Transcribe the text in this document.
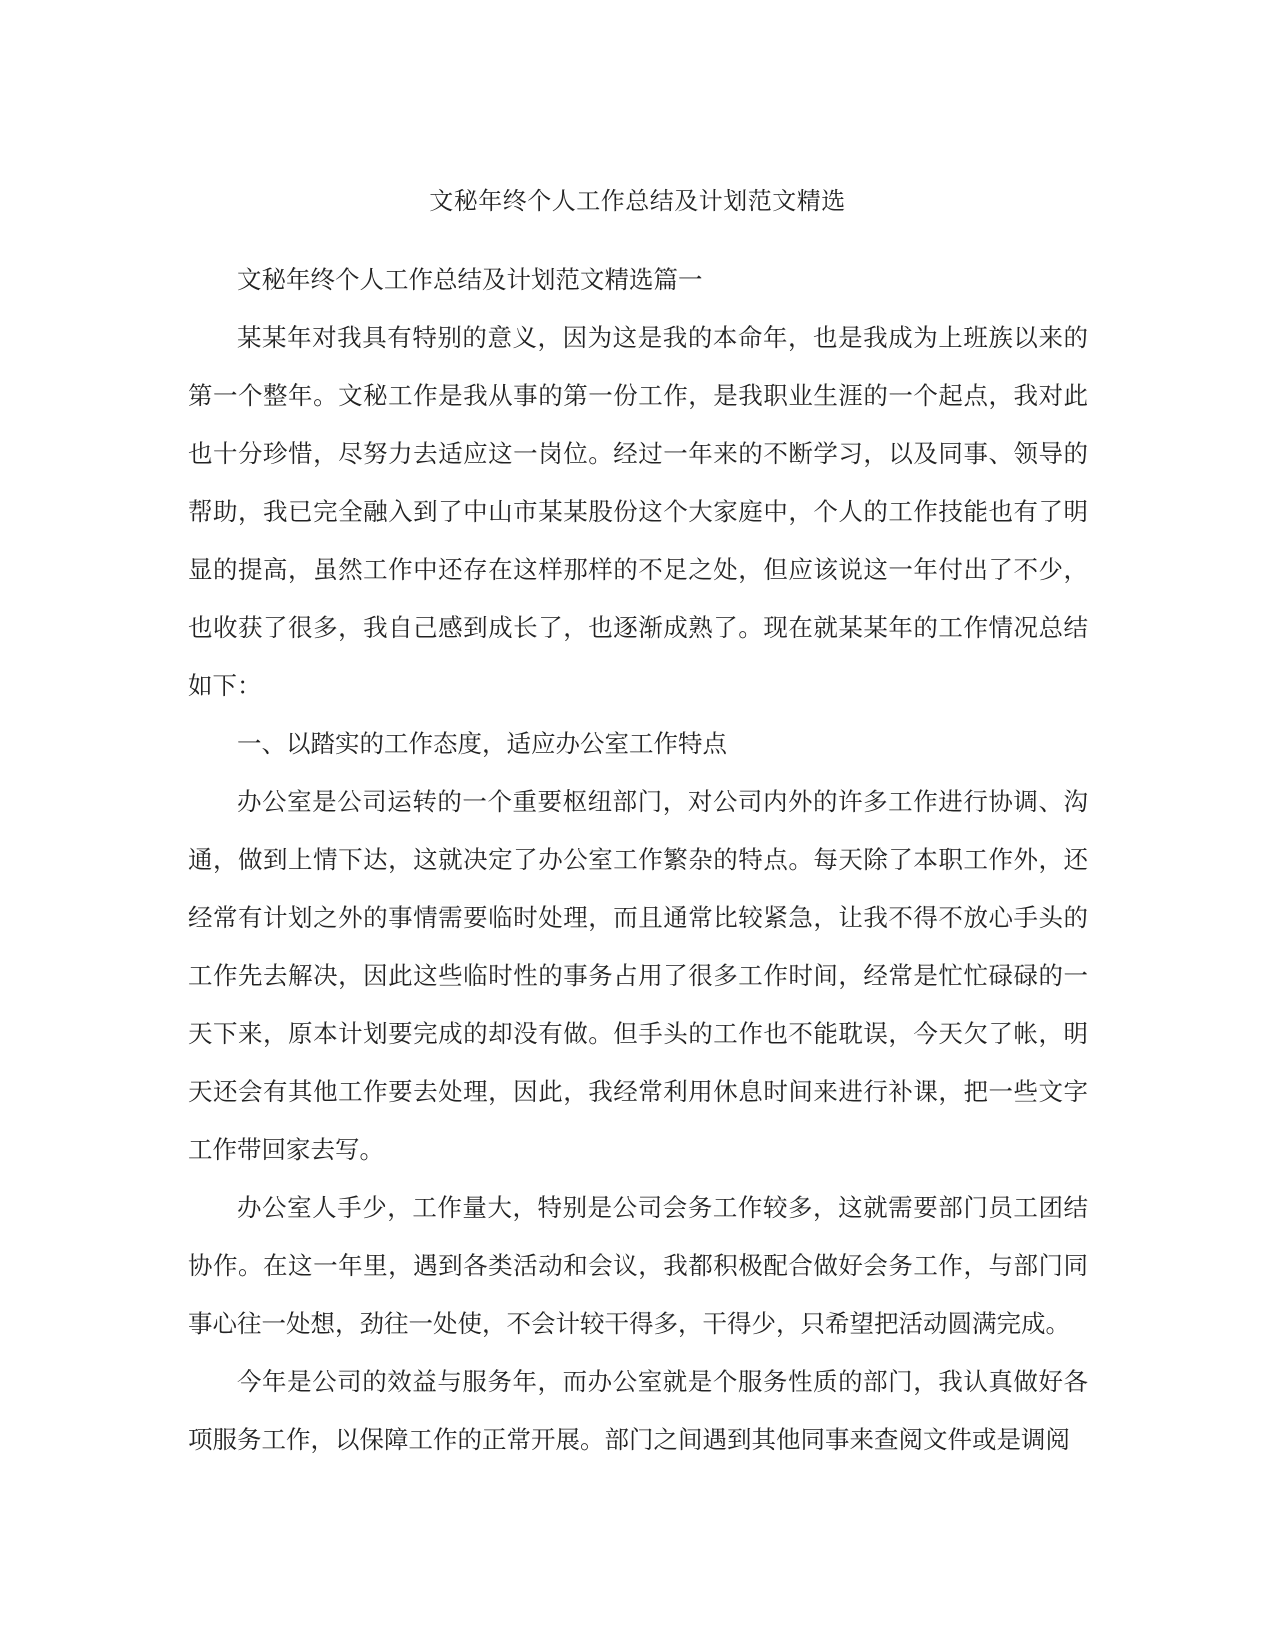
文秘年终个人工作总结及计划范文精选

文秘年终个人工作总结及计划范文精选篇一

某某年对我具有特别的意义，因为这是我的本命年，也是我成为上班族以来的第一个整年。文秘工作是我从事的第一份工作，是我职业生涯的一个起点，我对此也十分珍惜，尽努力去适应这一岗位。经过一年来的不断学习，以及同事、领导的帮助，我已完全融入到了中山市某某股份这个大家庭中，个人的工作技能也有了明显的提高，虽然工作中还存在这样那样的不足之处，但应该说这一年付出了不少，也收获了很多，我自己感到成长了，也逐渐成熟了。现在就某某年的工作情况总结如下：

一、以踏实的工作态度，适应办公室工作特点

办公室是公司运转的一个重要枢纽部门，对公司内外的许多工作进行协调、沟通，做到上情下达，这就决定了办公室工作繁杂的特点。每天除了本职工作外，还经常有计划之外的事情需要临时处理，而且通常比较紧急，让我不得不放心手头的工作先去解决，因此这些临时性的事务占用了很多工作时间，经常是忙忙碌碌的一天下来，原本计划要完成的却没有做。但手头的工作也不能耽误，今天欠了帐，明天还会有其他工作要去处理，因此，我经常利用休息时间来进行补课，把一些文字工作带回家去写。

办公室人手少，工作量大，特别是公司会务工作较多，这就需要部门员工团结协作。在这一年里，遇到各类活动和会议，我都积极配合做好会务工作，与部门同事心往一处想，劲往一处使，不会计较干得多，干得少，只希望把活动圆满完成。

今年是公司的效益与服务年，而办公室就是个服务性质的部门，我认真做好各项服务工作，以保障工作的正常开展。部门之间遇到其他同事来查阅文件或是调阅
